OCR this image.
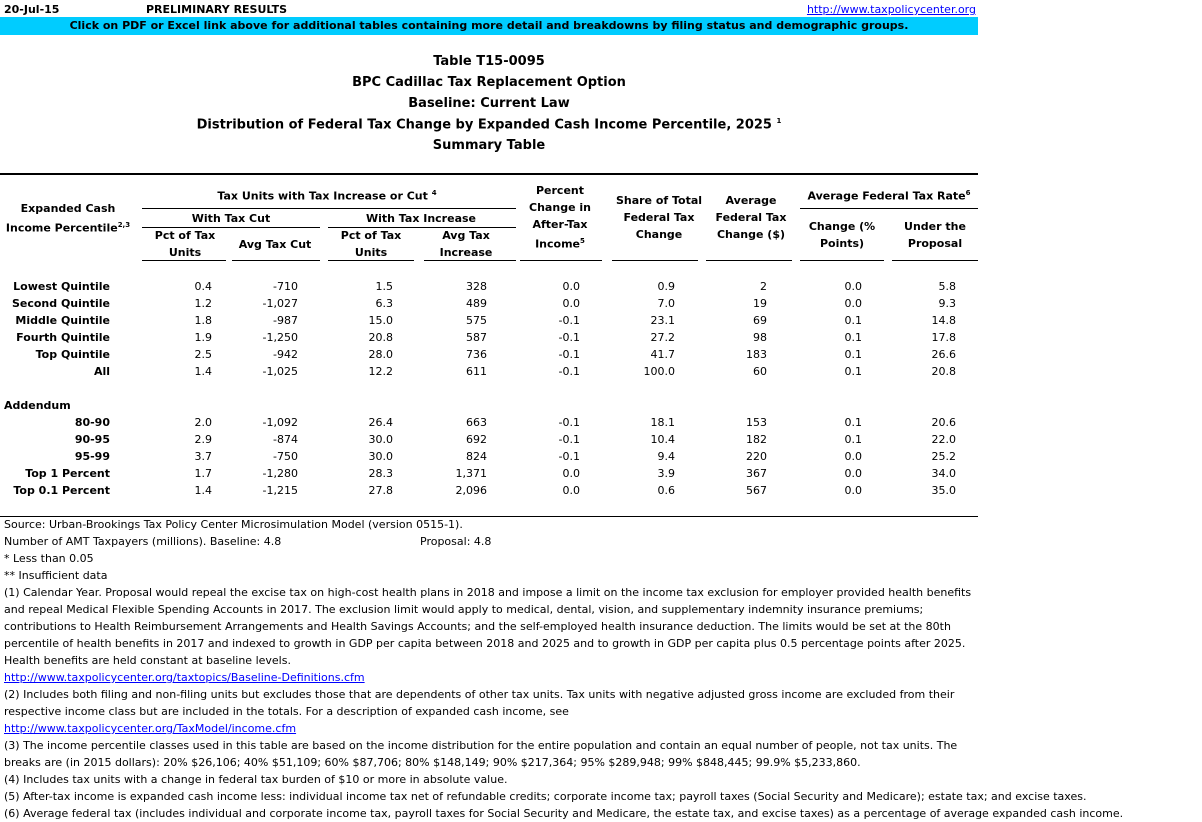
20-Jul-15	PRELIMINARY RESULTS	http://www.taxpolicycenter.org
Click on PDF or Excel link above for additional tables containing more detail and breakdowns by filing status and demographic groups.
Table T15-0095
BPC Cadillac Tax Replacement Option
Baseline: Current Law
Distribution of Federal Tax Change by Expanded Cash Income Percentile, 2025 $^1$
Summary Table
Expanded Cash Income Percentile$^{2,3}$
Tax Units with Tax Increase or Cut $^4$
With Tax Cut	With Tax Increase
Pct of Tax Units
Avg Tax Cut
Pct of Tax Units
Avg Tax Increase
Percent Change in After-Tax Income$^5$
Share of Total Federal Tax Change
Average Federal Tax Change ($)
Average Federal Tax Rate$^6$
Change (% Points)
Under the Proposal
Lowest Quintile	0.4	-710	1.5	328	0.0	0.9	2	0.0	5.8
Second Quintile	1.2	-1,027	6.3	489	0.0	7.0	19	0.0	9.3
Middle Quintile	1.8	-987	15.0	575	-0.1	23.1	69	0.1	14.8
Fourth Quintile	1.9	-1,250	20.8	587	-0.1	27.2	98	0.1	17.8
Top Quintile	2.5	-942	28.0	736	-0.1	41.7	183	0.1	26.6
All	1.4	-1,025	12.2	611	-0.1	100.0	60	0.1	20.8
80-90	2.0	-1,092	26.4	663	-0.1	18.1	153	0.1	20.6
90-95	2.9	-874	30.0	692	-0.1	10.4	182	0.1	22.0
95-99	3.7	-750	30.0	824	-0.1	9.4	220	0.0	25.2
Top 1 Percent	1.7	-1,280	28.3	1,371	0.0	3.9	367	0.0	34.0
Top 0.1 Percent	1.4	-1,215	27.8	2,096	0.0	0.6	567	0.0	35.0
Addendum
Source: Urban-Brookings Tax Policy Center Microsimulation Model (version 0515-1).
Number of AMT Taxpayers (millions). Baseline: 4.8	Proposal: 4.8
* Less than 0.05
** Insufficient data
(1) Calendar Year. Proposal would repeal the excise tax on high-cost health plans in 2018 and impose a limit on the income tax exclusion for employer provided health benefits
and repeal Medical Flexible Spending Accounts in 2017. The exclusion limit would apply to medical, dental, vision, and supplementary indemnity insurance premiums;
contributions to Health Reimbursement Arrangements and Health Savings Accounts; and the self-employed health insurance deduction. The limits would be set at the 80th
percentile of health benefits in 2017 and indexed to growth in GDP per capita between 2018 and 2025 and to growth in GDP per capita plus 0.5 percentage points after 2025.
Health benefits are held constant at baseline levels.
http://www.taxpolicycenter.org/taxtopics/Baseline-Definitions.cfm
(2) Includes both filing and non-filing units but excludes those that are dependents of other tax units. Tax units with negative adjusted gross income are excluded from their
respective income class but are included in the totals. For a description of expanded cash income, see
http://www.taxpolicycenter.org/TaxModel/income.cfm
(3) The income percentile classes used in this table are based on the income distribution for the entire population and contain an equal number of people, not tax units. The
breaks are (in 2015 dollars): 20% $26,106; 40% $51,109; 60% $87,706; 80% $148,149; 90% $217,364; 95% $289,948; 99% $848,445; 99.9% $5,233,860.
(4) Includes tax units with a change in federal tax burden of $10 or more in absolute value.
(5) After-tax income is expanded cash income less: individual income tax net of refundable credits; corporate income tax; payroll taxes (Social Security and Medicare); estate tax; and excise taxes.
(6) Average federal tax (includes individual and corporate income tax, payroll taxes for Social Security and Medicare, the estate tax, and excise taxes) as a percentage of average expanded cash income.
